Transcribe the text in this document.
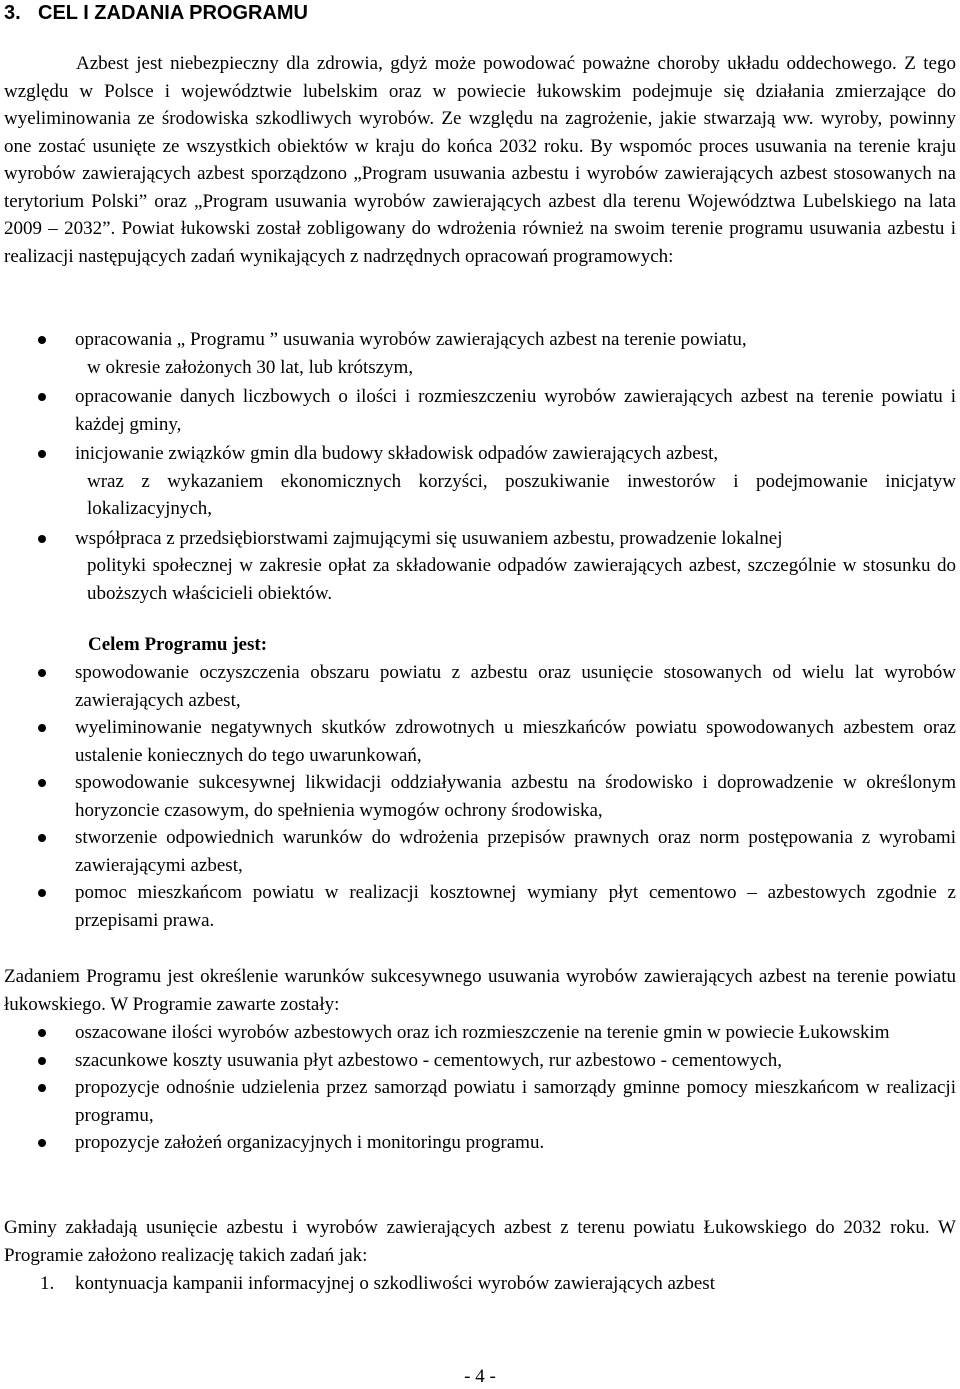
3. CEL I ZADANIA PROGRAMU

Azbest jest niebezpieczny dla zdrowia, gdyż może powodować poważne choroby układu oddechowego. Z tego względu w Polsce i województwie lubelskim oraz w powiecie łukowskim podejmuje się działania zmierzające do wyeliminowania ze środowiska szkodliwych wyrobów. Ze względu na zagrożenie, jakie stwarzają ww. wyroby, powinny one zostać usunięte ze wszystkich obiektów w kraju do końca 2032 roku. By wspomóc proces usuwania na terenie kraju wyrobów zawierających azbest sporządzono „Program usuwania azbestu i wyrobów zawierających azbest stosowanych na terytorium Polski” oraz „Program usuwania wyrobów zawierających azbest dla terenu Województwa Lubelskiego na lata 2009 – 2032”. Powiat łukowski został zobligowany do wdrożenia również na swoim terenie programu usuwania azbestu i realizacji następujących zadań wynikających z nadrzędnych opracowań programowych:

opracowania „ Programu ” usuwania wyrobów zawierających azbest na terenie powiatu,
w okresie założonych 30 lat, lub krótszym,
opracowanie danych liczbowych o ilości i rozmieszczeniu wyrobów zawierających azbest na terenie powiatu i każdej gminy,
inicjowanie związków gmin dla budowy składowisk odpadów zawierających azbest,
wraz z wykazaniem ekonomicznych korzyści, poszukiwanie inwestorów i podejmowanie inicjatyw lokalizacyjnych,
współpraca z przedsiębiorstwami zajmującymi się usuwaniem azbestu, prowadzenie lokalnej
polityki społecznej w zakresie opłat za składowanie odpadów zawierających azbest, szczególnie w stosunku do uboższych właścicieli obiektów.
Celem Programu jest:
spowodowanie oczyszczenia obszaru powiatu z azbestu oraz usunięcie stosowanych od wielu lat wyrobów zawierających azbest,
wyeliminowanie negatywnych skutków zdrowotnych u mieszkańców powiatu spowodowanych azbestem oraz ustalenie koniecznych do tego uwarunkowań,
spowodowanie sukcesywnej likwidacji oddziaływania azbestu na środowisko i doprowadzenie w określonym horyzoncie czasowym, do spełnienia wymogów ochrony środowiska,
stworzenie odpowiednich warunków do wdrożenia przepisów prawnych oraz norm postępowania z wyrobami zawierającymi azbest,
pomoc mieszkańcom powiatu w realizacji kosztownej wymiany płyt cementowo – azbestowych zgodnie z przepisami prawa.

Zadaniem Programu jest określenie warunków sukcesywnego usuwania wyrobów zawierających azbest na terenie powiatu łukowskiego. W Programie zawarte zostały:

oszacowane ilości wyrobów azbestowych oraz ich rozmieszczenie na terenie gmin w powiecie Łukowskim
szacunkowe koszty usuwania płyt azbestowo - cementowych, rur azbestowo - cementowych,
propozycje odnośnie udzielenia przez samorząd powiatu i samorządy gminne pomocy mieszkańcom w realizacji programu,
propozycje założeń organizacyjnych i monitoringu programu.

Gminy zakładają usunięcie azbestu i wyrobów zawierających azbest z terenu powiatu Łukowskiego do 2032 roku. W Programie założono realizację takich zadań jak:

1. kontynuacja kampanii informacyjnej o szkodliwości wyrobów zawierających azbest
- 4 -
